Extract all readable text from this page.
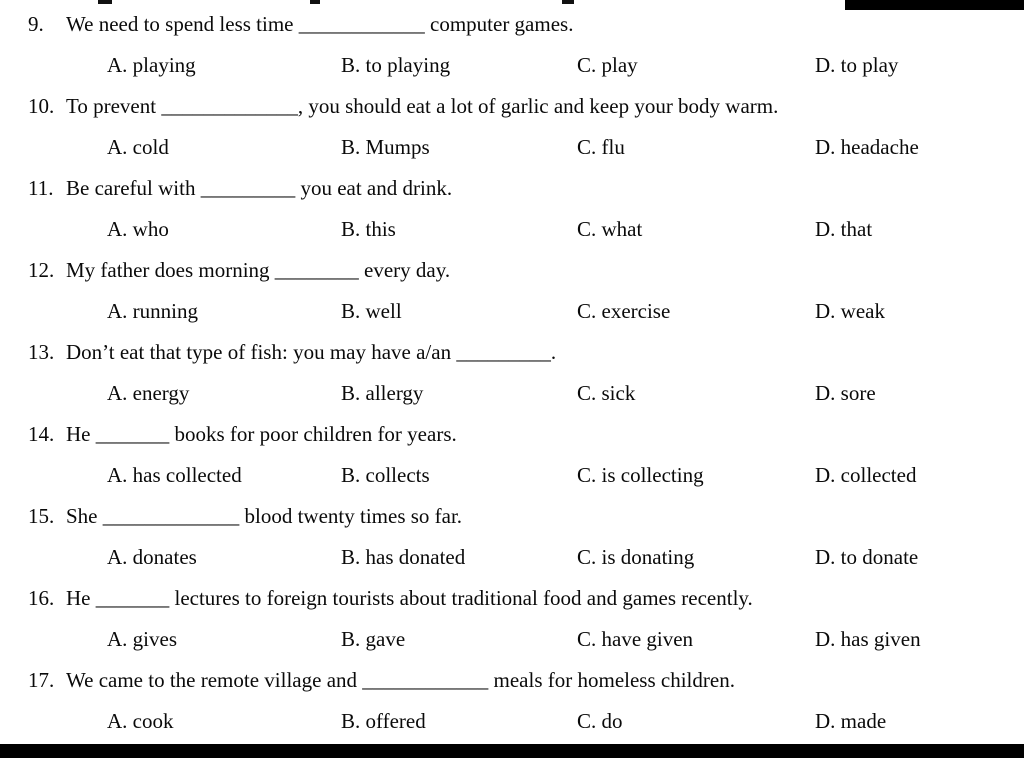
9. We need to spend less time ____________ computer games.
A. playing	B. to playing	C. play	D. to play
10. To prevent _____________, you should eat a lot of garlic and keep your body warm.
A. cold	B. Mumps	C. flu	D. headache
11. Be careful with _________ you eat and drink.
A. who	B. this	C. what	D. that
12. My father does morning ________ every day.
A. running	B. well	C. exercise	D. weak
13. Don’t eat that type of fish: you may have a/an _________.
A. energy	B. allergy	C. sick	D. sore
14. He _______ books for poor children for years.
A. has collected	B. collects	C. is collecting	D. collected
15. She _____________ blood twenty times so far.
A. donates	B. has donated	C. is donating	D. to donate
16. He _______ lectures to foreign tourists about traditional food and games recently.
A. gives	B. gave	C. have given	D. has given
17. We came to the remote village and ____________ meals for homeless children.
A. cook	B. offered	C. do	D. made
